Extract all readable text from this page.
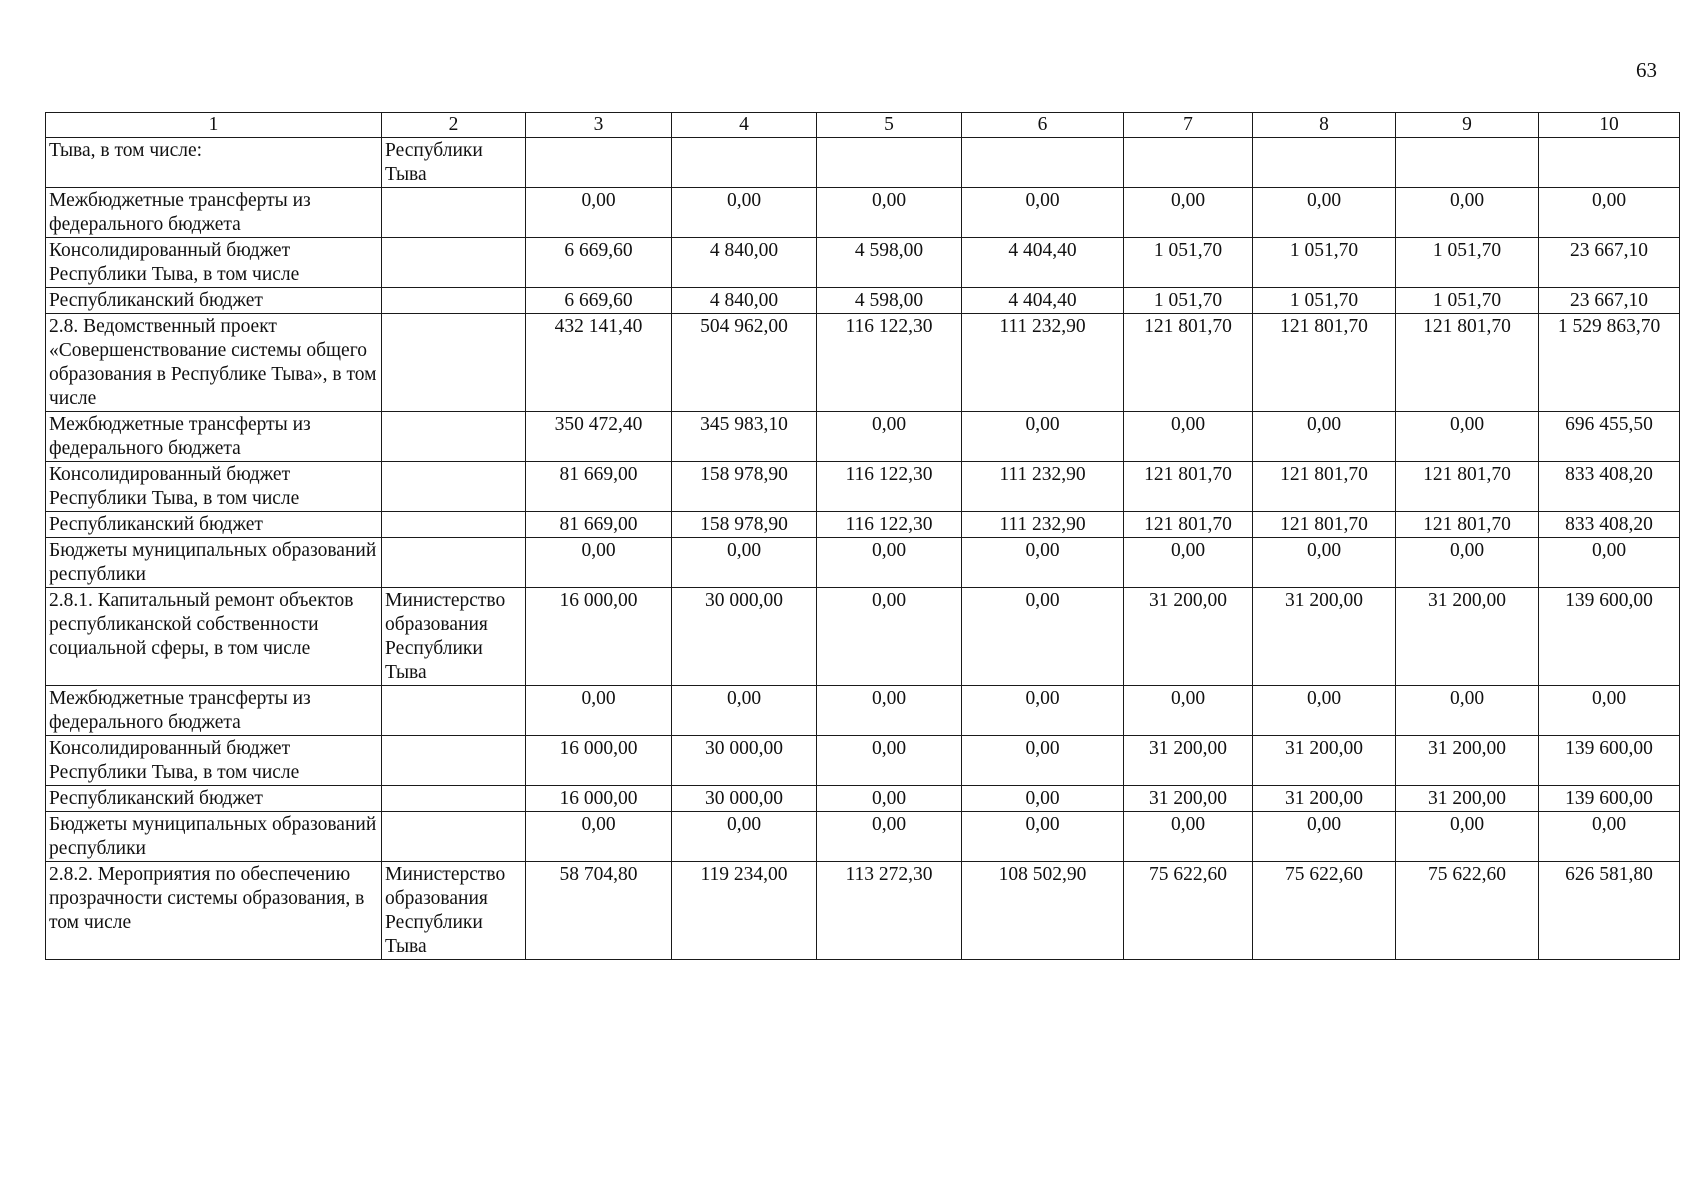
63
1	2	3	4	5	6	7	8	9	10
Тыва, в том числе:	Республики Тыва								
Межбюджетные трансферты из федерального бюджета		0,00	0,00	0,00	0,00	0,00	0,00	0,00	0,00
Консолидированный бюджет Республики Тыва, в том числе		6 669,60	4 840,00	4 598,00	4 404,40	1 051,70	1 051,70	1 051,70	23 667,10
Республиканский бюджет		6 669,60	4 840,00	4 598,00	4 404,40	1 051,70	1 051,70	1 051,70	23 667,10
2.8. Ведомственный проект «Совершенствование системы общего образования в Республике Тыва», в том числе		432 141,40	504 962,00	116 122,30	111 232,90	121 801,70	121 801,70	121 801,70	1 529 863,70
Межбюджетные трансферты из федерального бюджета		350 472,40	345 983,10	0,00	0,00	0,00	0,00	0,00	696 455,50
Консолидированный бюджет Республики Тыва, в том числе		81 669,00	158 978,90	116 122,30	111 232,90	121 801,70	121 801,70	121 801,70	833 408,20
Республиканский бюджет		81 669,00	158 978,90	116 122,30	111 232,90	121 801,70	121 801,70	121 801,70	833 408,20
Бюджеты муниципальных образований республики		0,00	0,00	0,00	0,00	0,00	0,00	0,00	0,00
2.8.1. Капитальный ремонт объектов республиканской собственности социальной сферы, в том числе	Министерство образования Республики Тыва	16 000,00	30 000,00	0,00	0,00	31 200,00	31 200,00	31 200,00	139 600,00
Межбюджетные трансферты из федерального бюджета		0,00	0,00	0,00	0,00	0,00	0,00	0,00	0,00
Консолидированный бюджет Республики Тыва, в том числе		16 000,00	30 000,00	0,00	0,00	31 200,00	31 200,00	31 200,00	139 600,00
Республиканский бюджет		16 000,00	30 000,00	0,00	0,00	31 200,00	31 200,00	31 200,00	139 600,00
Бюджеты муниципальных образований республики		0,00	0,00	0,00	0,00	0,00	0,00	0,00	0,00
2.8.2. Мероприятия по обеспечению прозрачности системы образования, в том числе	Министерство образования Республики Тыва	58 704,80	119 234,00	113 272,30	108 502,90	75 622,60	75 622,60	75 622,60	626 581,80
